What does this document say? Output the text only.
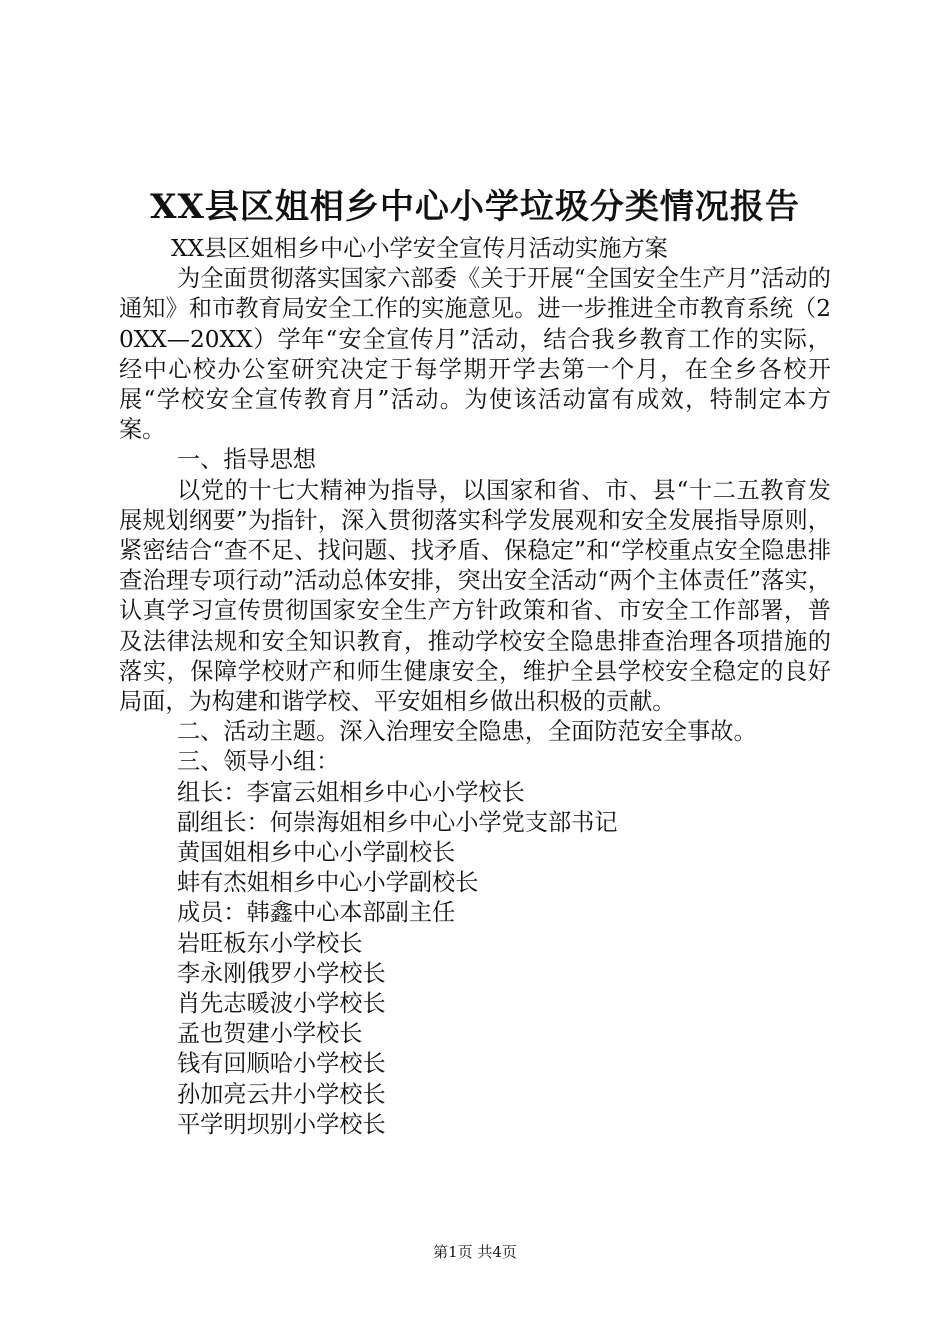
XX县区姐相乡中心小学垃圾分类情况报告
XX县区姐相乡中心小学安全宣传月活动实施方案
为全面贯彻落实国家六部委《关于开展“全国安全生产月”活动的通知》和市教育局安全工作的实施意见。进一步推进全市教育系统（20XX—20XX）学年“安全宣传月”活动，结合我乡教育工作的实际，经中心校办公室研究决定于每学期开学去第一个月，在全乡各校开展“学校安全宣传教育月”活动。为使该活动富有成效，特制定本方案。
一、指导思想
以党的十七大精神为指导，以国家和省、市、县“十二五教育发展规划纲要”为指针，深入贯彻落实科学发展观和安全发展指导原则，紧密结合“查不足、找问题、找矛盾、保稳定”和“学校重点安全隐患排查治理专项行动”活动总体安排，突出安全活动“两个主体责任”落实，认真学习宣传贯彻国家安全生产方针政策和省、市安全工作部署，普及法律法规和安全知识教育，推动学校安全隐患排查治理各项措施的落实，保障学校财产和师生健康安全，维护全县学校安全稳定的良好局面，为构建和谐学校、平安姐相乡做出积极的贡献。
二、活动主题。深入治理安全隐患，全面防范安全事故。
三、领导小组：
组长：李富云姐相乡中心小学校长
副组长：何崇海姐相乡中心小学党支部书记
黄国姐相乡中心小学副校长
蚌有杰姐相乡中心小学副校长
成员：韩鑫中心本部副主任
岩旺板东小学校长
李永刚俄罗小学校长
肖先志暖波小学校长
孟也贺建小学校长
钱有回顺哈小学校长
孙加亮云井小学校长
平学明坝别小学校长
第1页 共4页
